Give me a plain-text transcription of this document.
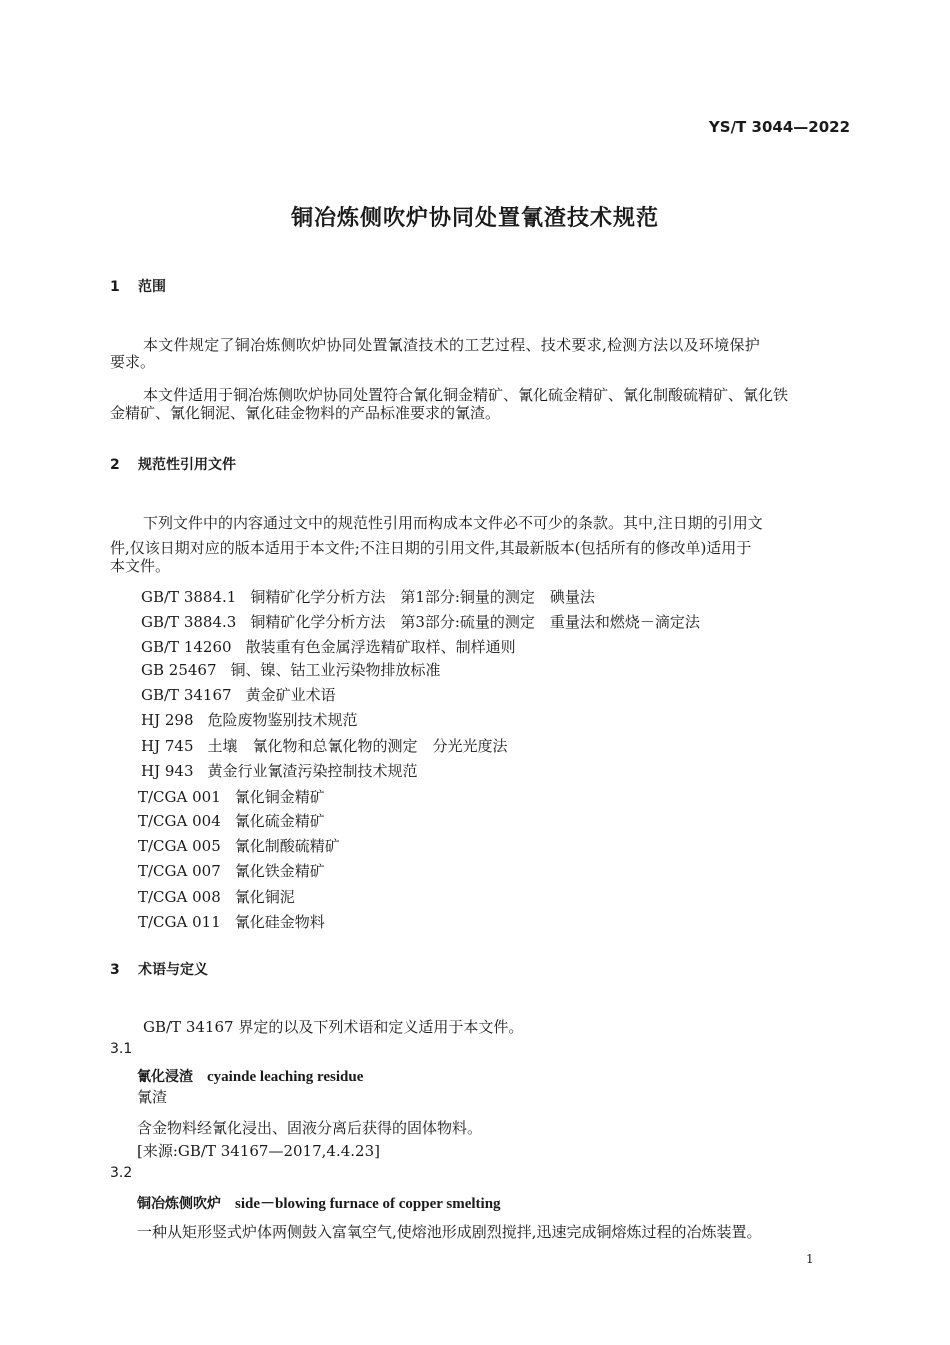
YS/T 3044—2022
铜冶炼侧吹炉协同处置氰渣技术规范
1 范围
本文件规定了铜冶炼侧吹炉协同处置氰渣技术的工艺过程、技术要求,检测方法以及环境保护
要求。
本文件适用于铜冶炼侧吹炉协同处置符合氰化铜金精矿、氰化硫金精矿、氰化制酸硫精矿、氰化铁
金精矿、氰化铜泥、氰化硅金物料的产品标准要求的氰渣。
2 规范性引用文件
下列文件中的内容通过文中的规范性引用而构成本文件必不可少的条款。其中,注日期的引用文
件,仅该日期对应的版本适用于本文件;不注日期的引用文件,其最新版本(包括所有的修改单)适用于
本文件。
GB/T 3884.1 铜精矿化学分析方法　第1部分:铜量的测定　碘量法
GB/T 3884.3 铜精矿化学分析方法　第3部分:硫量的测定　重量法和燃烧－滴定法
GB/T 14260 散装重有色金属浮选精矿取样、制样通则
GB 25467 铜、镍、钴工业污染物排放标准
GB/T 34167 黄金矿业术语
HJ 298 危险废物鉴别技术规范
HJ 745 土壤　氰化物和总氰化物的测定　分光光度法
HJ 943 黄金行业氰渣污染控制技术规范
T/CGA 001 氰化铜金精矿
T/CGA 004 氰化硫金精矿
T/CGA 005 氰化制酸硫精矿
T/CGA 007 氰化铁金精矿
T/CGA 008 氰化铜泥
T/CGA 011 氰化硅金物料
3 术语与定义
GB/T 34167 界定的以及下列术语和定义适用于本文件。
3.1
氰化浸渣 cyainde leaching residue
氰渣
含金物料经氰化浸出、固液分离后获得的固体物料。
[来源:GB/T 34167—2017,4.4.23]
3.2
铜冶炼侧吹炉 side－blowing furnace of copper smelting
一种从矩形竖式炉体两侧鼓入富氧空气,使熔池形成剧烈搅拌,迅速完成铜熔炼过程的冶炼装置。
1
